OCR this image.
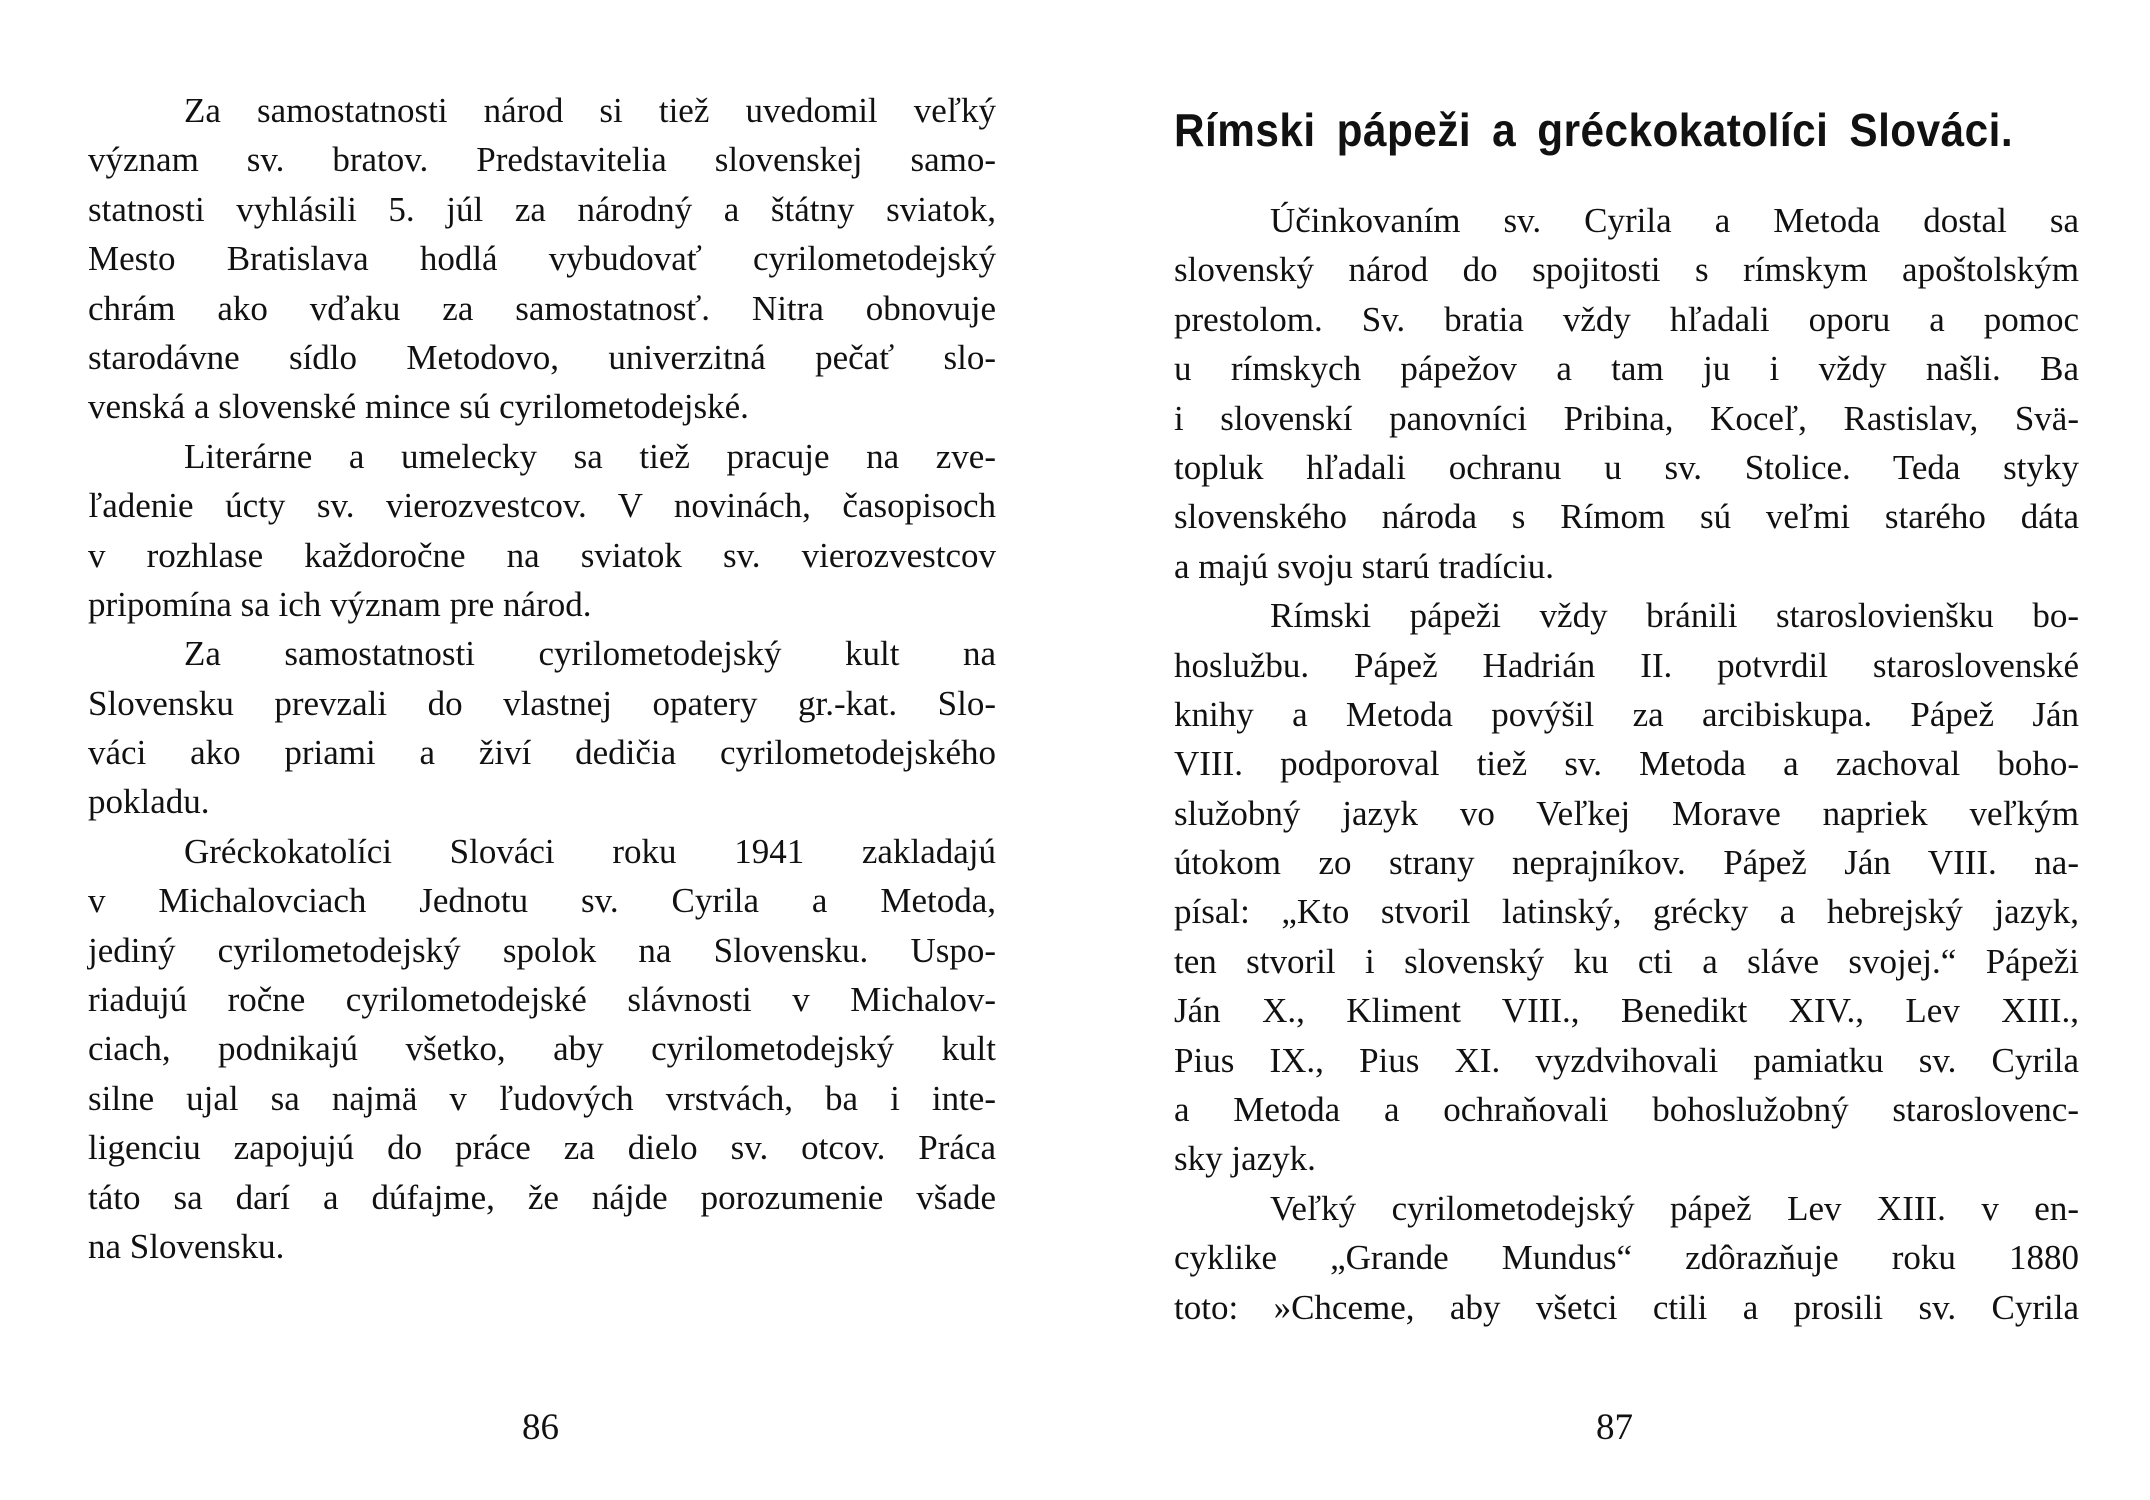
Za samostatnosti národ si tiež uvedomil veľký
význam sv. bratov. Predstavitelia slovenskej samo-
statnosti vyhlásili 5. júl za národný a štátny sviatok,
Mesto Bratislava hodlá vybudovať cyrilometodejský
chrám ako vďaku za samostatnosť. Nitra obnovuje
starodávne sídlo Metodovo, univerzitná pečať slo-
venská a slovenské mince sú cyrilometodejské.
Literárne a umelecky sa tiež pracuje na zve-
ľadenie úcty sv. vierozvestcov. V novinách, časopisoch
v rozhlase každoročne na sviatok sv. vierozvestcov
pripomína sa ich význam pre národ.
Za samostatnosti cyrilometodejský kult na
Slovensku prevzali do vlastnej opatery gr.-kat. Slo-
váci ako priami a živí dedičia cyrilometodejského
pokladu.
Gréckokatolíci Slováci roku 1941 zakladajú
v Michalovciach Jednotu sv. Cyrila a Metoda,
jediný cyrilometodejský spolok na Slovensku. Uspo-
riadujú ročne cyrilometodejské slávnosti v Michalov-
ciach, podnikajú všetko, aby cyrilometodejský kult
silne ujal sa najmä v ľudových vrstvách, ba i inte-
ligenciu zapojujú do práce za dielo sv. otcov. Práca
táto sa darí a dúfajme, že nájde porozumenie všade
na Slovensku.
86
Rímski pápeži a gréckokatolíci Slováci.
Účinkovaním sv. Cyrila a Metoda dostal sa
slovenský národ do spojitosti s rímskym apoštolským
prestolom. Sv. bratia vždy hľadali oporu a pomoc
u rímskych pápežov a tam ju i vždy našli. Ba
i slovenskí panovníci Pribina, Koceľ, Rastislav, Svä-
topluk hľadali ochranu u sv. Stolice. Teda styky
slovenského národa s Rímom sú veľmi starého dáta
a majú svoju starú tradíciu.
Rímski pápeži vždy bránili staroslovienšku bo-
hoslužbu. Pápež Hadrián II. potvrdil staroslovenské
knihy a Metoda povýšil za arcibiskupa. Pápež Ján
VIII. podporoval tiež sv. Metoda a zachoval boho-
služobný jazyk vo Veľkej Morave napriek veľkým
útokom zo strany neprajníkov. Pápež Ján VIII. na-
písal: „Kto stvoril latinský, grécky a hebrejský jazyk,
ten stvoril i slovenský ku cti a sláve svojej.“ Pápeži
Ján X., Kliment VIII., Benedikt XIV., Lev XIII.,
Pius IX., Pius XI. vyzdvihovali pamiatku sv. Cyrila
a Metoda a ochraňovali bohoslužobný staroslovenc-
sky jazyk.
Veľký cyrilometodejský pápež Lev XIII. v en-
cyklike „Grande Mundus“ zdôrazňuje roku 1880
toto: »Chceme, aby všetci ctili a prosili sv. Cyrila
87
